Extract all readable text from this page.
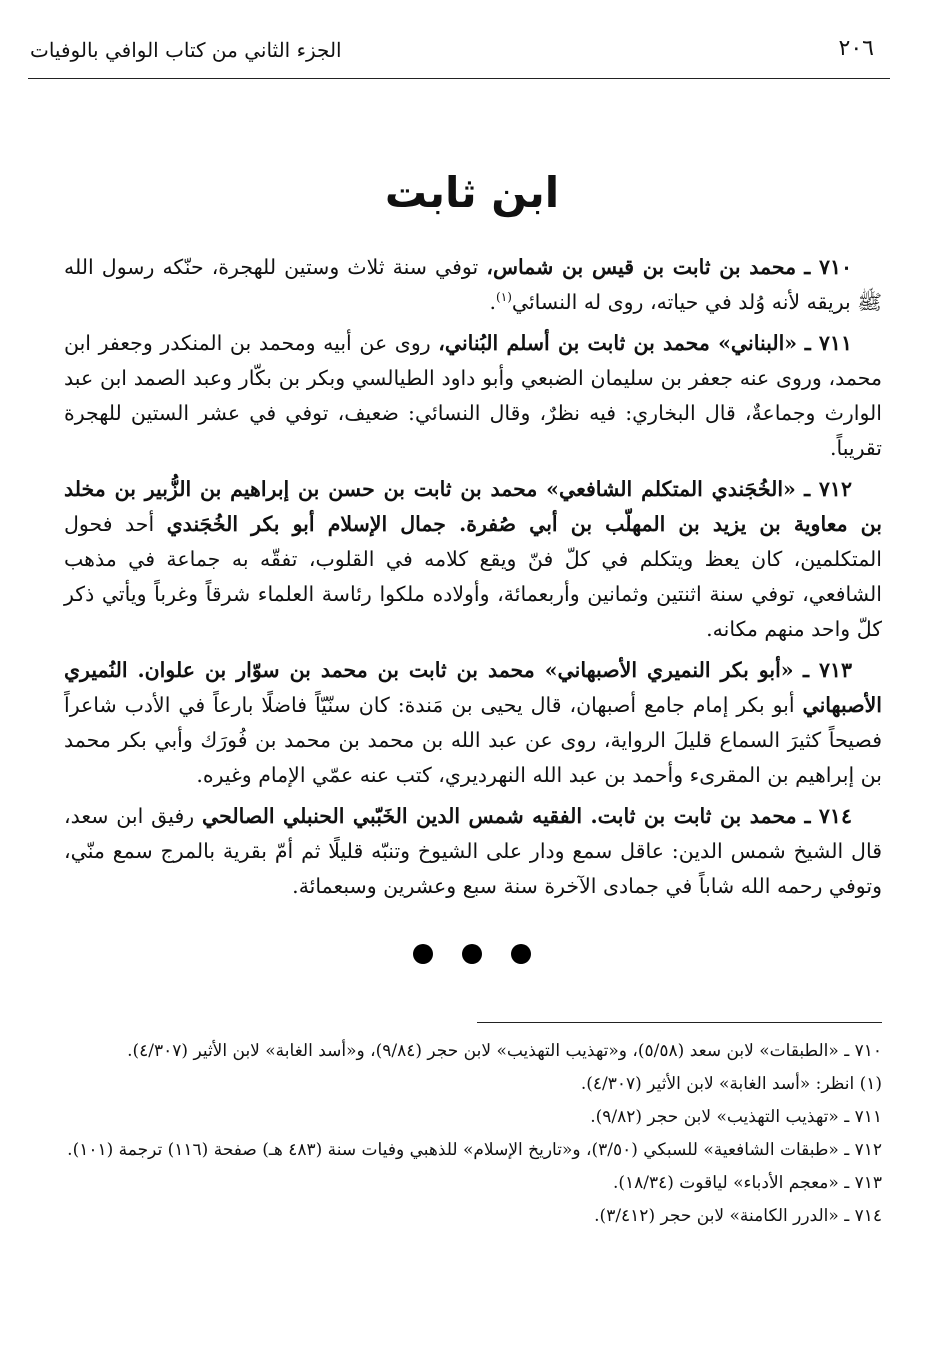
٢٠٦
الجزء الثاني من كتاب الوافي بالوفيات
ابن ثابت

٧١٠ ـ محمد بن ثابت بن قيس بن شماس، توفي سنة ثلاث وستين للهجرة، حنّكه رسول الله ﷺ بريقه لأنه وُلد في حياته، روى له النسائي$^{(١)}$.

٧١١ ـ «البناني» محمد بن ثابت بن أسلم البُناني، روى عن أبيه ومحمد بن المنكدر وجعفر ابن محمد، وروى عنه جعفر بن سليمان الضبعي وأبو داود الطيالسي وبكر بن بكّار وعبد الصمد ابن عبد الوارث وجماعةٌ، قال البخاري: فيه نظرٌ، وقال النسائي: ضعيف، توفي في عشر الستين للهجرة تقريباً.

٧١٢ ـ «الخُجَندي المتكلم الشافعي» محمد بن ثابت بن حسن بن إبراهيم بن الزُّبير بن مخلد بن معاوية بن يزيد بن المهلّب بن أبي صُفرة. جمال الإسلام أبو بكر الخُجَندي أحد فحول المتكلمين، كان يعظ ويتكلم في كلّ فنّ ويقع كلامه في القلوب، تفقّه به جماعة في مذهب الشافعي، توفي سنة اثنتين وثمانين وأربعمائة، وأولاده ملكوا رئاسة العلماء شرقاً وغرباً ويأتي ذكر كلّ واحد منهم مكانه.

٧١٣ ـ «أبو بكر النميري الأصبهاني» محمد بن ثابت بن محمد بن سوّار بن علوان. النُميري الأصبهاني أبو بكر إمام جامع أصبهان، قال يحيى بن مَندة: كان سنّيّاً فاضلًا بارعاً في الأدب شاعراً فصيحاً كثيرَ السماع قليلَ الرواية، روى عن عبد الله بن محمد بن محمد بن فُورَك وأبي بكر محمد بن إبراهيم بن المقرىء وأحمد بن عبد الله النهرديري، كتب عنه عمّي الإمام وغيره.

٧١٤ ـ محمد بن ثابت بن ثابت. الفقيه شمس الدين الخَبّبي الحنبلي الصالحي رفيق ابن سعد، قال الشيخ شمس الدين: عاقل سمع ودار على الشيوخ وتنبّه قليلًا ثم أمّ بقرية بالمرج سمع منّي، وتوفي رحمه الله شاباً في جمادى الآخرة سنة سبع وعشرين وسبعمائة.

٧١٠ ـ «الطبقات» لابن سعد (٥/٥٨)، و«تهذيب التهذيب» لابن حجر (٩/٨٤)، و«أسد الغابة» لابن الأثير (٤/٣٠٧).

(١) انظر: «أسد الغابة» لابن الأثير (٤/٣٠٧).

٧١١ ـ «تهذيب التهذيب» لابن حجر (٩/٨٢).

٧١٢ ـ «طبقات الشافعية» للسبكي (٣/٥٠)، و«تاريخ الإسلام» للذهبي وفيات سنة (٤٨٣ هـ) صفحة (١١٦) ترجمة (١٠١).

٧١٣ ـ «معجم الأدباء» لياقوت (١٨/٣٤).

٧١٤ ـ «الدرر الكامنة» لابن حجر (٣/٤١٢).
